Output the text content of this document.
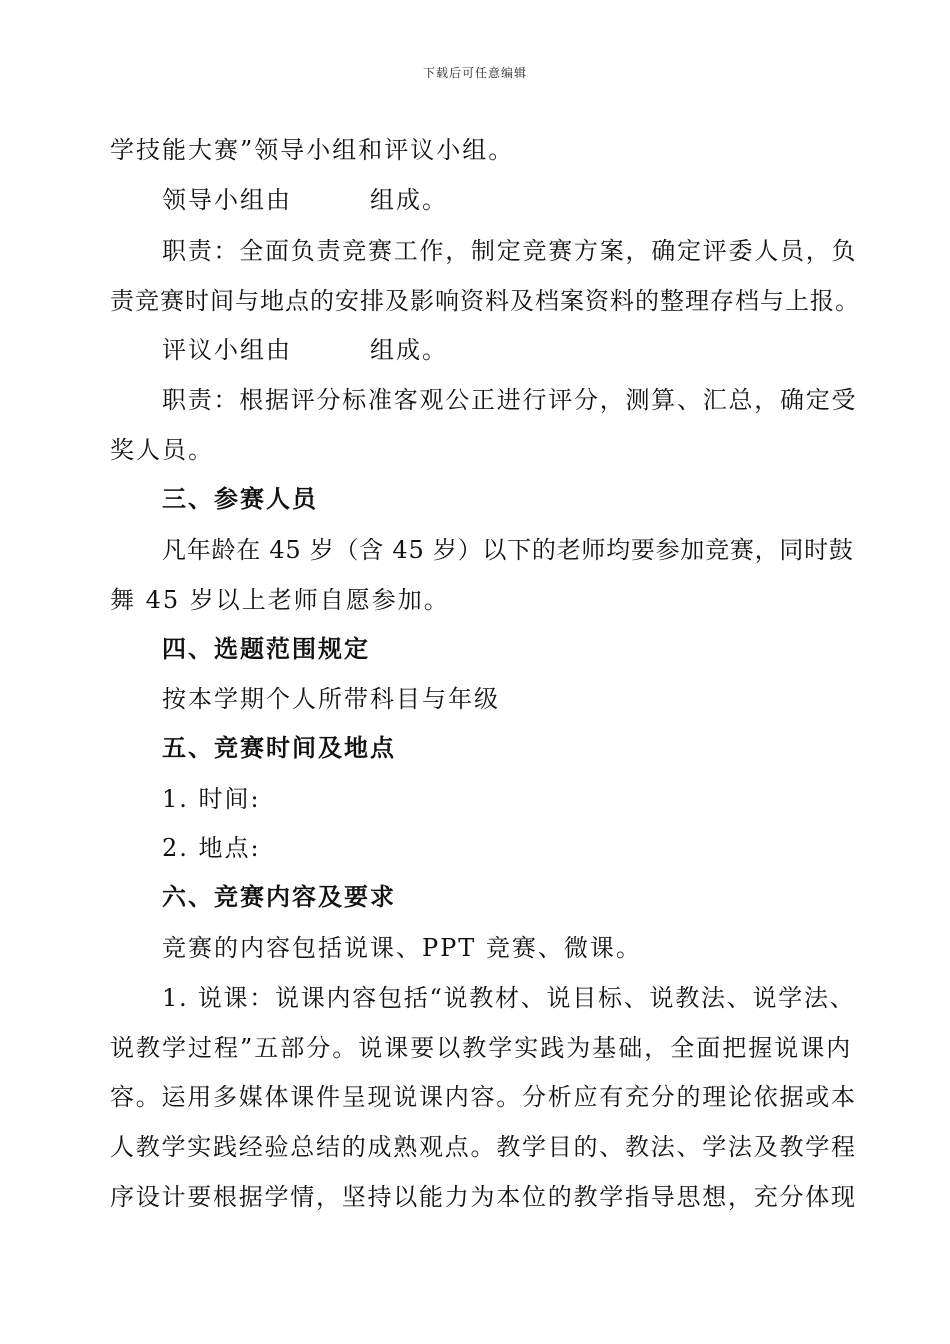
下载后可任意编辑
学技能大赛”领导小组和评议小组。
领导小组由	组成。
职责：全面负责竞赛工作，制定竞赛方案，确定评委人员，负
责竞赛时间与地点的安排及影响资料及档案资料的整理存档与上报。
评议小组由	组成。
职责：根据评分标准客观公正进行评分，测算、汇总，确定受
奖人员。
三、参赛人员
凡年龄在 45 岁（含 45 岁）以下的老师均要参加竞赛，同时鼓
舞 45 岁以上老师自愿参加。
四、选题范围规定
按本学期个人所带科目与年级
五、竞赛时间及地点
1. 时间:
2. 地点:
六、竞赛内容及要求
竞赛的内容包括说课、PPT 竞赛、微课。
1. 说课：说课内容包括“说教材、说目标、说教法、说学法、
说教学过程”五部分。说课要以教学实践为基础，全面把握说课内
容。运用多媒体课件呈现说课内容。分析应有充分的理论依据或本
人教学实践经验总结的成熟观点。教学目的、教法、学法及教学程
序设计要根据学情，坚持以能力为本位的教学指导思想，充分体现
